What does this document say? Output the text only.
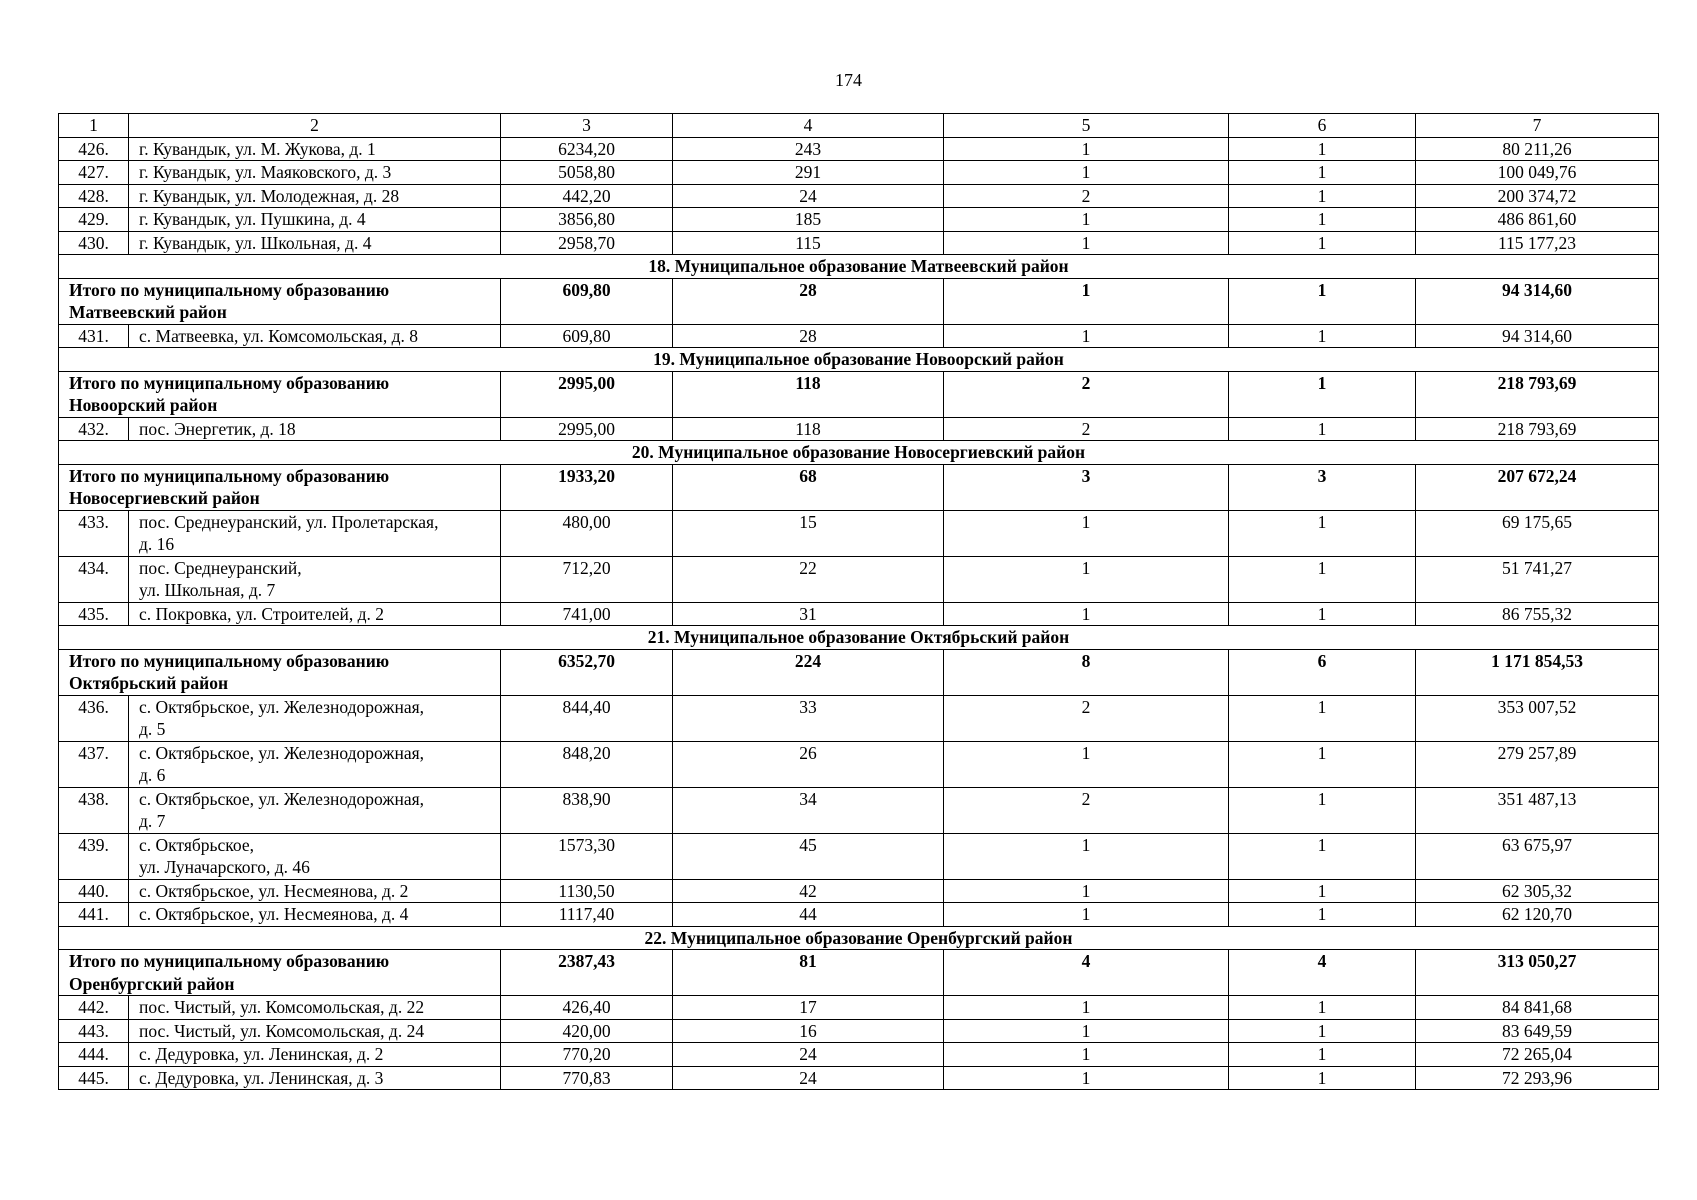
174
1	2	3	4	5	6	7
426.	г. Кувандык, ул. М. Жукова, д. 1	6234,20	243	1	1	80 211,26
427.	г. Кувандык, ул. Маяковского, д. 3	5058,80	291	1	1	100 049,76
428.	г. Кувандык, ул. Молодежная, д. 28	442,20	24	2	1	200 374,72
429.	г. Кувандык, ул. Пушкина, д. 4	3856,80	185	1	1	486 861,60
430.	г. Кувандык, ул. Школьная, д. 4	2958,70	115	1	1	115 177,23
18. Муниципальное образование Матвеевский район						

Итого по муниципальному образованию
Матвеевский район		609,80	28	1	1	94 314,60
431.	с. Матвеевка, ул. Комсомольская, д. 8	609,80	28	1	1	94 314,60
19. Муниципальное образование Новоорский район						

Итого по муниципальному образованию
Новоорский район		2995,00	118	2	1	218 793,69
432.	пос. Энергетик, д. 18	2995,00	118	2	1	218 793,69
20. Муниципальное образование Новосергиевский район						

Итого по муниципальному образованию
Новосергиевский район		1933,20	68	3	3	207 672,24
433.	пос. Среднеуранский, ул. Пролетарская,
д. 16	480,00	15	1	1	69 175,65
434.	пос. Среднеуранский,
ул. Школьная, д. 7	712,20	22	1	1	51 741,27
435.	с. Покровка, ул. Строителей, д. 2	741,00	31	1	1	86 755,32
21. Муниципальное образование Октябрьский район						

Итого по муниципальному образованию
Октябрьский район		6352,70	224	8	6	1 171 854,53
436.	с. Октябрьское, ул. Железнодорожная,
д. 5	844,40	33	2	1	353 007,52
437.	с. Октябрьское, ул. Железнодорожная,
д. 6	848,20	26	1	1	279 257,89
438.	с. Октябрьское, ул. Железнодорожная,
д. 7	838,90	34	2	1	351 487,13
439.	с. Октябрьское,
ул. Луначарского, д. 46	1573,30	45	1	1	63 675,97
440.	с. Октябрьское, ул. Несмеянова, д. 2	1130,50	42	1	1	62 305,32
441.	с. Октябрьское, ул. Несмеянова, д. 4	1117,40	44	1	1	62 120,70
22. Муниципальное образование Оренбургский район						

Итого по муниципальному образованию
Оренбургский район		2387,43	81	4	4	313 050,27
442.	пос. Чистый, ул. Комсомольская, д. 22	426,40	17	1	1	84 841,68
443.	пос. Чистый, ул. Комсомольская, д. 24	420,00	16	1	1	83 649,59
444.	с. Дедуровка, ул. Ленинская, д. 2	770,20	24	1	1	72 265,04
445.	с. Дедуровка, ул. Ленинская, д. 3	770,83	24	1	1	72 293,96
